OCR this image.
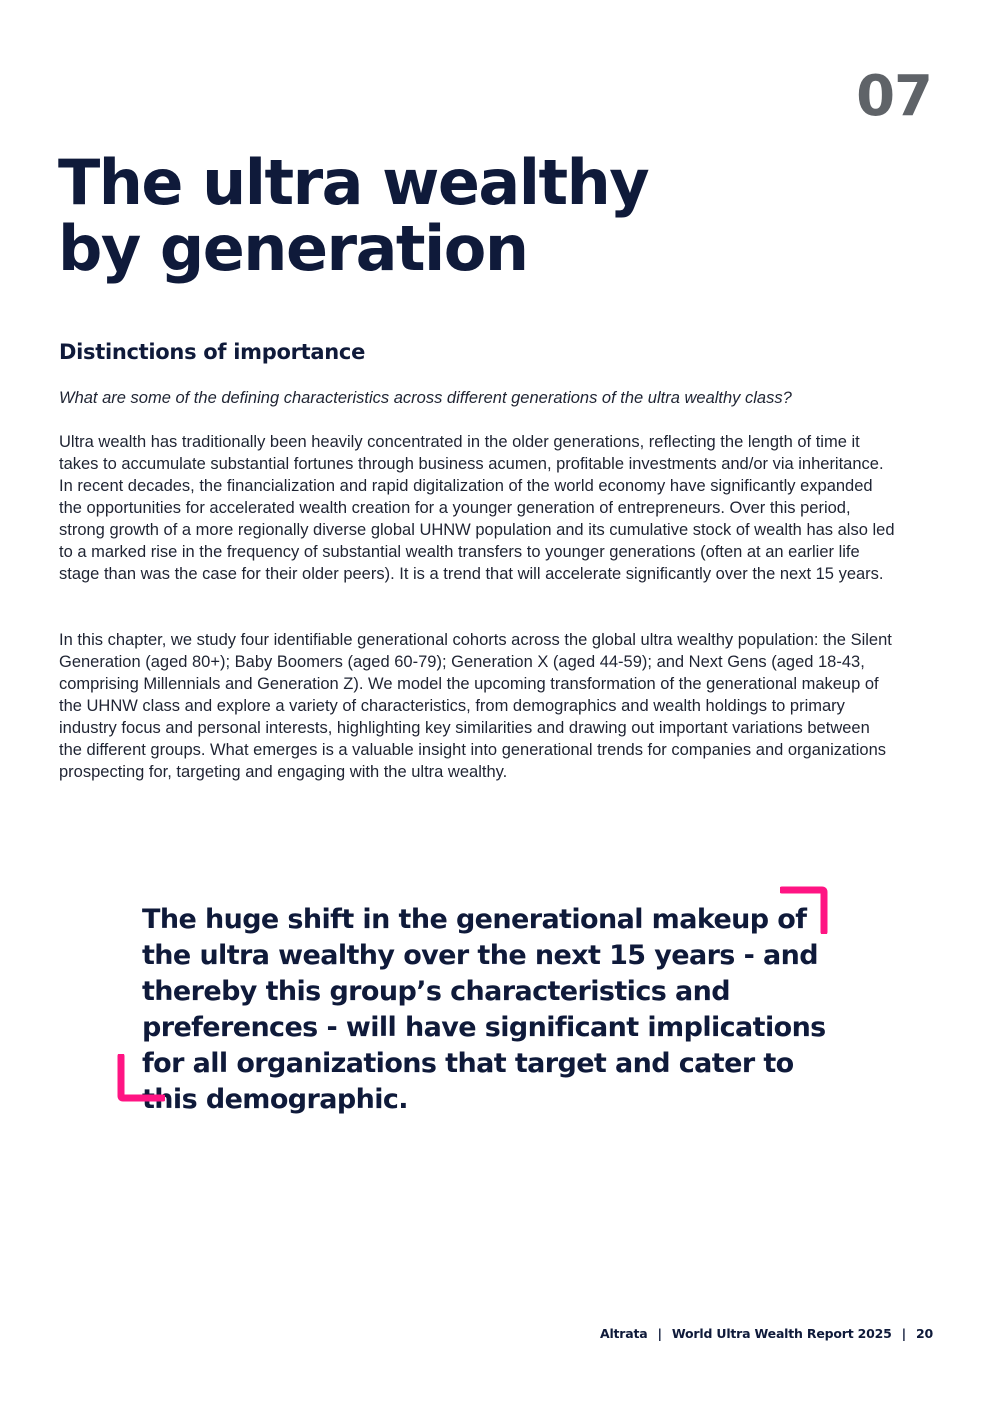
07
The ultra wealthy
by generation
Distinctions of importance

What are some of the defining characteristics across different generations of the ultra wealthy class?

Ultra wealth has traditionally been heavily concentrated in the older generations, reflecting the length of time it takes to accumulate substantial fortunes through business acumen, profitable investments and/or via inheritance. In recent decades, the financialization and rapid digitalization of the world economy have significantly expanded the opportunities for accelerated wealth creation for a younger generation of entrepreneurs. Over this period, strong growth of a more regionally diverse global UHNW population and its cumulative stock of wealth has also led to a marked rise in the frequency of substantial wealth transfers to younger generations (often at an earlier life stage than was the case for their older peers). It is a trend that will accelerate significantly over the next 15 years.

In this chapter, we study four identifiable generational cohorts across the global ultra wealthy population: the Silent Generation (aged 80+); Baby Boomers (aged 60-79); Generation X (aged 44-59); and Next Gens (aged 18-43, comprising Millennials and Generation Z). We model the upcoming transformation of the generational makeup of the UHNW class and explore a variety of characteristics, from demographics and wealth holdings to primary industry focus and personal interests, highlighting key similarities and drawing out important variations between the different groups. What emerges is a valuable insight into generational trends for companies and organizations prospecting for, targeting and engaging with the ultra wealthy.

The huge shift in the generational makeup of the ultra wealthy over the next 15 years - and thereby this group’s characteristics and preferences - will have significant implications for all organizations that target and cater to this demographic.

Altrata | World Ultra Wealth Report 2025 | 20
